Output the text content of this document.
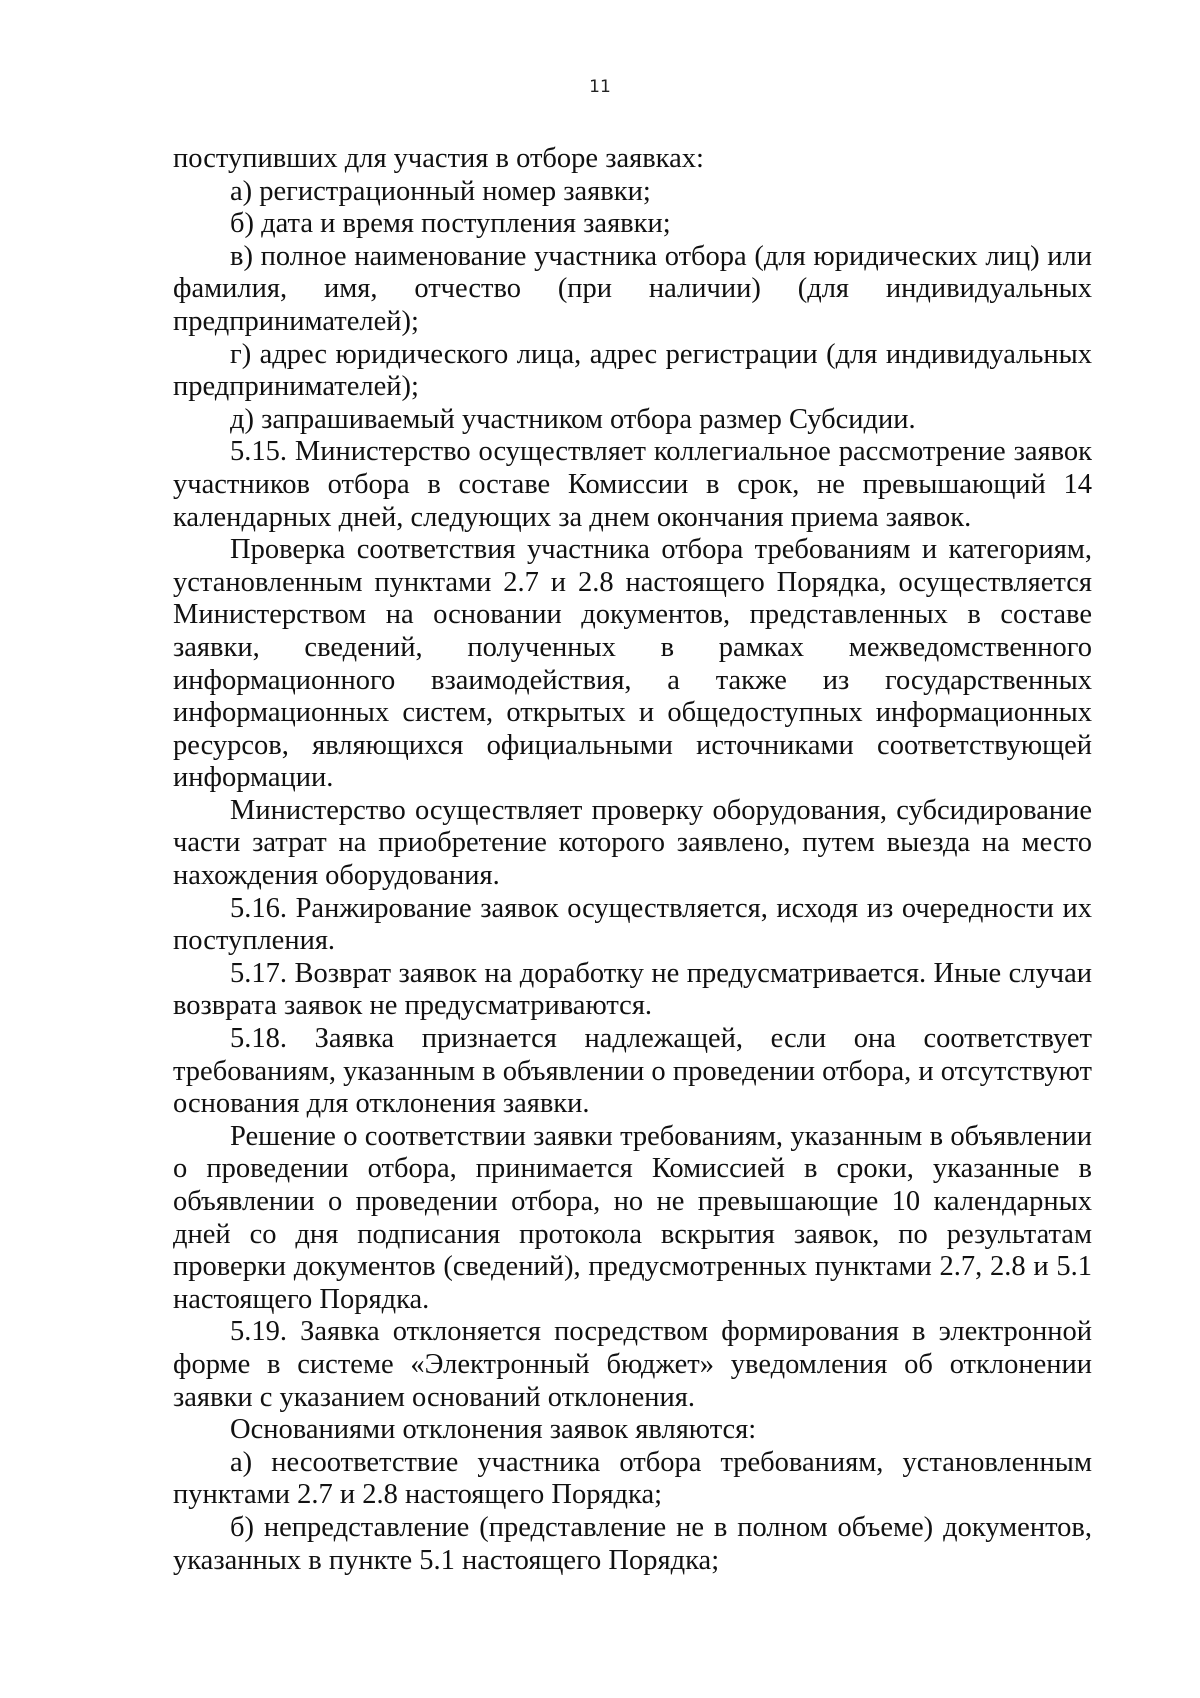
11

поступивших для участия в отборе заявках:

а) регистрационный номер заявки;

б) дата и время поступления заявки;

в) полное наименование участника отбора (для юридических лиц) или фамилия, имя, отчество (при наличии) (для индивидуальных предпринимателей);

г) адрес юридического лица, адрес регистрации (для индивидуальных предпринимателей);

д) запрашиваемый участником отбора размер Субсидии.

5.15. Министерство осуществляет коллегиальное рассмотрение заявок участников отбора в составе Комиссии в срок, не превышающий 14 календарных дней, следующих за днем окончания приема заявок.

Проверка соответствия участника отбора требованиям и категориям, установленным пунктами 2.7 и 2.8 настоящего Порядка, осуществляется Министерством на основании документов, представленных в составе заявки, сведений, полученных в рамках межведомственного информационного взаимодействия, а также из государственных информационных систем, открытых и общедоступных информационных ресурсов, являющихся официальными источниками соответствующей информации.

Министерство осуществляет проверку оборудования, субсидирование части затрат на приобретение которого заявлено, путем выезда на место нахождения оборудования.

5.16. Ранжирование заявок осуществляется, исходя из очередности их поступления.

5.17. Возврат заявок на доработку не предусматривается. Иные случаи возврата заявок не предусматриваются.

5.18. Заявка признается надлежащей, если она соответствует требованиям, указанным в объявлении о проведении отбора, и отсутствуют основания для отклонения заявки.

Решение о соответствии заявки требованиям, указанным в объявлении о проведении отбора, принимается Комиссией в сроки, указанные в объявлении о проведении отбора, но не превышающие 10 календарных дней со дня подписания протокола вскрытия заявок, по результатам проверки документов (сведений), предусмотренных пунктами 2.7, 2.8 и 5.1 настоящего Порядка.

5.19. Заявка отклоняется посредством формирования в электронной форме в системе «Электронный бюджет» уведомления об отклонении заявки с указанием оснований отклонения.

Основаниями отклонения заявок являются:

а) несоответствие участника отбора требованиям, установленным пунктами 2.7 и 2.8 настоящего Порядка;

б) непредставление (представление не в полном объеме) документов, указанных в пункте 5.1 настоящего Порядка;
